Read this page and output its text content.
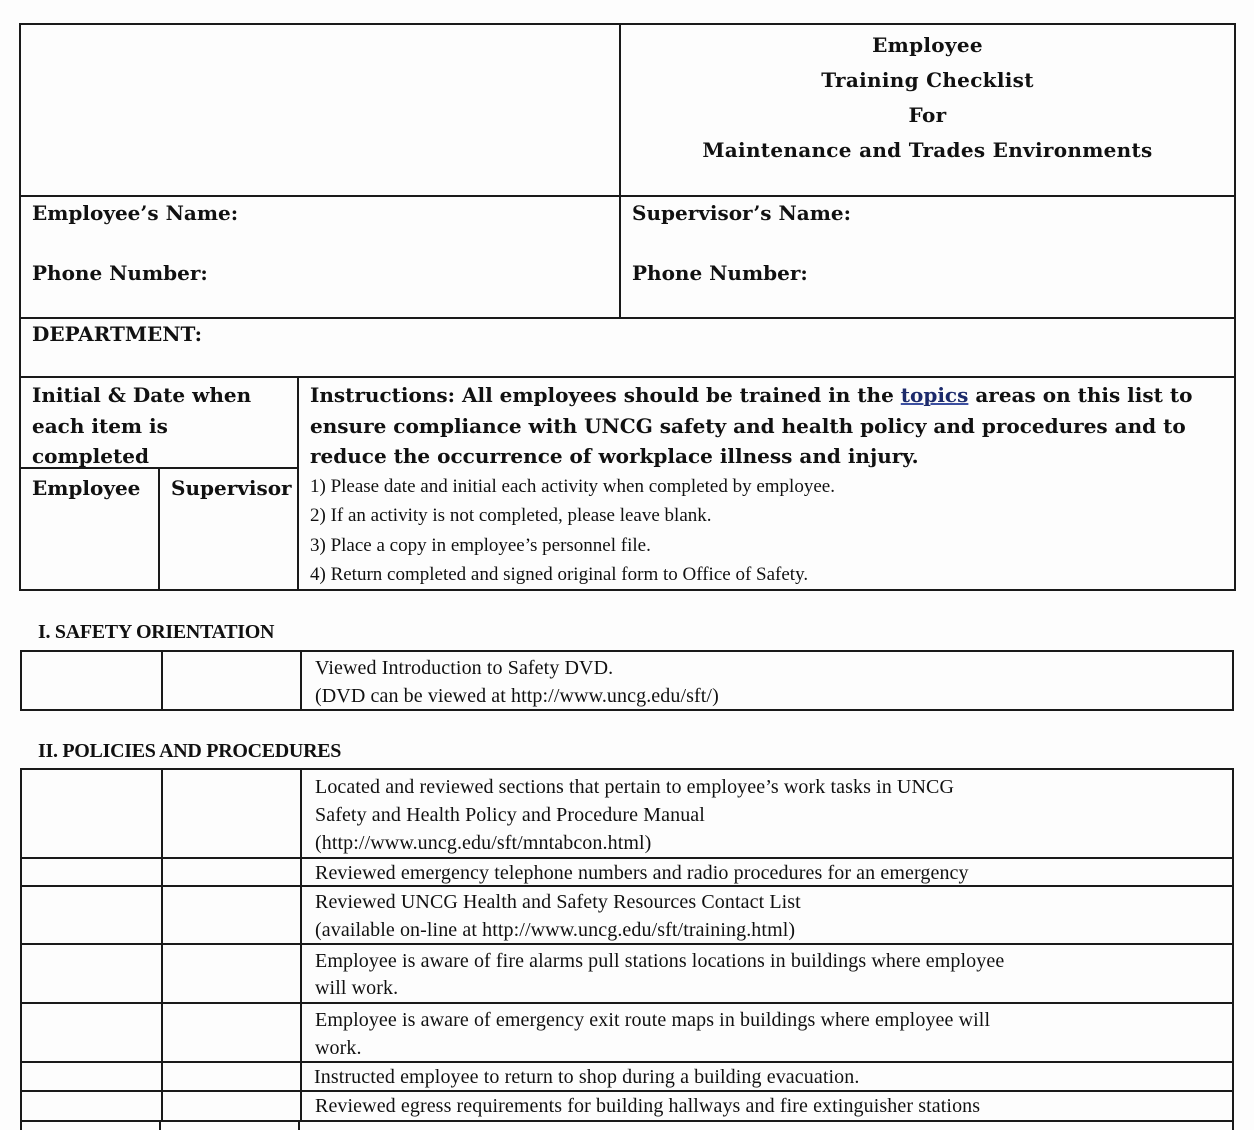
Employee
Training Checklist
For
Maintenance and Trades Environments
Employee’s Name:
Phone Number:
Supervisor’s Name:
Phone Number:
DEPARTMENT:
Initial & Date when
each item is
completed
Employee Supervisor
Instructions: All employees should be trained in the topics areas on this list to
ensure compliance with UNCG safety and health policy and procedures and to
reduce the occurrence of workplace illness and injury.
1) Please date and initial each activity when completed by employee.
2) If an activity is not completed, please leave blank.
3) Place a copy in employee’s personnel file.
4) Return completed and signed original form to Office of Safety.
I. SAFETY ORIENTATION
Viewed Introduction to Safety DVD.
(DVD can be viewed at http://www.uncg.edu/sft/)
II. POLICIES AND PROCEDURES
Located and reviewed sections that pertain to employee’s work tasks in UNCG
Safety and Health Policy and Procedure Manual
(http://www.uncg.edu/sft/mntabcon.html)
Reviewed emergency telephone numbers and radio procedures for an emergency
Reviewed UNCG Health and Safety Resources Contact List
(available on-line at http://www.uncg.edu/sft/training.html)
Employee is aware of fire alarms pull stations locations in buildings where employee
will work.
Employee is aware of emergency exit route maps in buildings where employee will
work.
Instructed employee to return to shop during a building evacuation.
Reviewed egress requirements for building hallways and fire extinguisher stations
